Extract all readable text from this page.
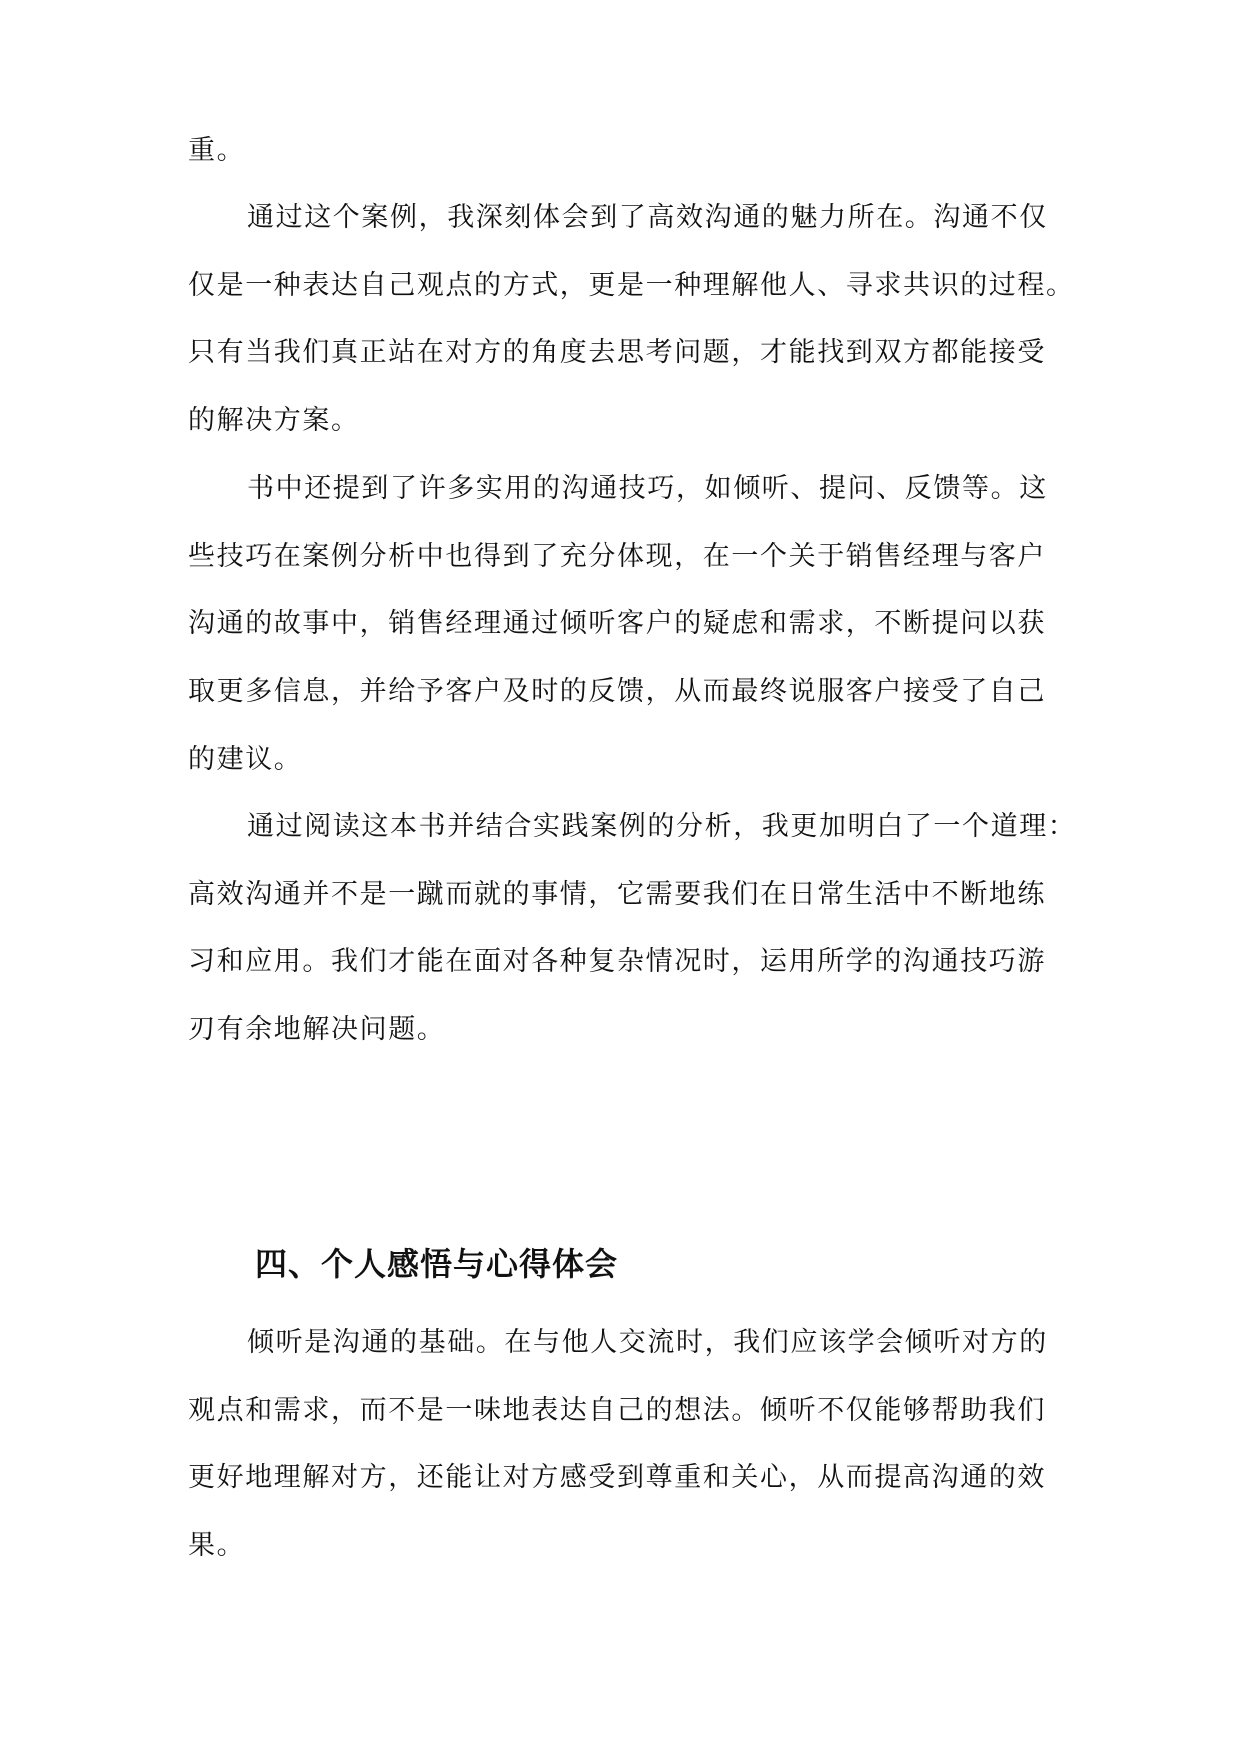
重。
通过这个案例，我深刻体会到了高效沟通的魅力所在。沟通不仅
仅是一种表达自己观点的方式，更是一种理解他人、寻求共识的过程。
只有当我们真正站在对方的角度去思考问题，才能找到双方都能接受
的解决方案。
书中还提到了许多实用的沟通技巧，如倾听、提问、反馈等。这
些技巧在案例分析中也得到了充分体现，在一个关于销售经理与客户
沟通的故事中，销售经理通过倾听客户的疑虑和需求，不断提问以获
取更多信息，并给予客户及时的反馈，从而最终说服客户接受了自己
的建议。
通过阅读这本书并结合实践案例的分析，我更加明白了一个道理：
高效沟通并不是一蹴而就的事情，它需要我们在日常生活中不断地练
习和应用。我们才能在面对各种复杂情况时，运用所学的沟通技巧游
刃有余地解决问题。
四、个人感悟与心得体会
倾听是沟通的基础。在与他人交流时，我们应该学会倾听对方的
观点和需求，而不是一味地表达自己的想法。倾听不仅能够帮助我们
更好地理解对方，还能让对方感受到尊重和关心，从而提高沟通的效
果。
